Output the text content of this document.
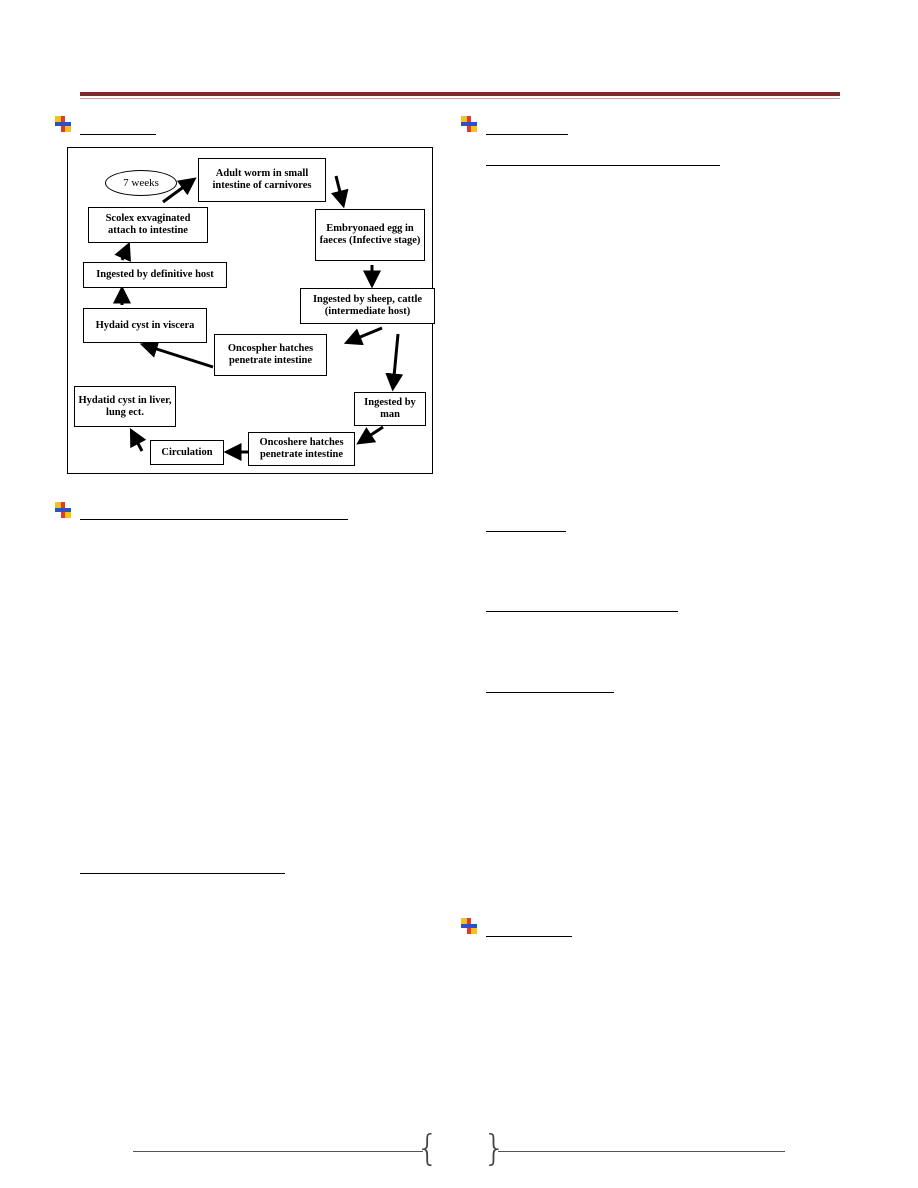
Adult worm in small intestine of carnivores
7 weeks
Scolex exvaginated attach to intestine	Embryonaed egg in faeces (Infective stage)
Ingested by definitive host
Ingested by sheep, cattle (intermediate host)
Hydaid cyst in viscera
Oncospher hatches penetrate intestine
Ingested by man
Hydatid cyst in liver, lung ect.
Circulation
Oncoshere hatches penetrate intestine
{ }
